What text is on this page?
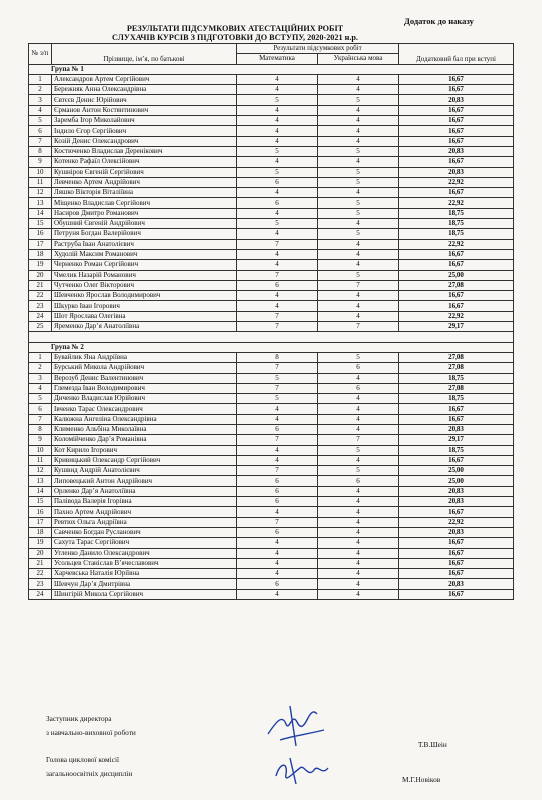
Додаток до наказу
РЕЗУЛЬТАТИ ПІДСУМКОВИХ АТЕСТАЦІЙНИХ РОБІТ
СЛУХАЧІВ КУРСІВ З ПІДГОТОВКИ ДО ВСТУПУ, 2020-2021 н.р.
№ з/п	Прізвище, ім’я, по батькові	Результати підсумкових робіт		Додатковий бал при вступі
		Математика	Українська мова	
Група № 1				
1	Александров Артем Сергійович	4	4	16,67
2	Бережняк Анна Олександрівна	4	4	16,67
3	Євтєєв Денис Юрійович	5	5	20,83
4	Єрманов Антон Костянтинович	4	4	16,67
5	Заремба Ігор Миколайович	4	4	16,67
6	Індило Єгор Сергійович	4	4	16,67
7	Козій Денис Олександрович	4	4	16,67
8	Костюченко Владислав Деренікович	5	5	20,83
9	Котенко Рафаїл Олексійович	4	4	16,67
10	Кушніров Євгеній Сергійович	5	5	20,83
11	Левченко Артем Андрійович	6	5	22,92
12	Ляшко Вікторія Віталіївна	4	4	16,67
13	Міщенко Владислав Сергійович	6	5	22,92
14	Насиров Дмитро Романович	4	5	18,75
15	Обушний Євгеній Андрійович	5	4	18,75
16	Петруня Богдан Валерійович	4	5	18,75
17	Растрyба Іван Анатолієвич	7	4	22,92
18	Худолій Максим Романович	4	4	16,67
19	Черненко Роман Сергійович	4	4	16,67
20	Чмелик Назарій Романович	7	5	25,00
21	Чутченко Олег Вікторович	6	7	27,08
22	Шевченко Ярослав Володимирович	4	4	16,67
23	Шкурко Іван Ігорович	4	4	16,67
24	Шот Ярослава Олегівна	7	4	22,92
25	Яременко Дар’я Анатоліївна	7	7	29,17

Група № 2				
1	Бувайлик Яна Андріївна	8	5	27,08
2	Бурський Микола Андрійович	7	6	27,08
3	Верозуб Денис Валентинович	5	4	18,75
4	Глемезда Іван Володимирович	7	6	27,08
5	Диченко Владислав Юрійович	5	4	18,75
6	Івченко Тарас Олександрович	4	4	16,67
7	Калюжна Ангеліна Олександрівна	4	4	16,67
8	Клименко Альбіна Миколаївна	6	4	20,83
9	Коломійченко Дар’я Романівна	7	7	29,17
10	Кот Кирило Ігорович	4	5	18,75
11	Кривицький Олександр Сергійович	4	4	16,67
12	Кушвид Андрій Анатолієвич	7	5	25,00
13	Липовецький Антон Андрійович	6	6	25,00
14	Орленко Дар’я Анатоліївна	6	4	20,83
15	Палівода Валерія Ігорівна	6	4	20,83
16	Пахно Артем Андрійович	4	4	16,67
17	Ревтюх Ольга Андріївна	7	4	22,92
18	Савченко Богдан Русланович	6	4	20,83
19	Сахута Тарас Сергійович	4	4	16,67
20	Угленко Данило Олександрович	4	4	16,67
21	Усольцев Станіслав В’ячеславович	4	4	16,67
22	Харчевська Наталія Юріївна	4	4	16,67
23	Шевчун Дар’я Дмитрівна	6	4	20,83
24	Шингірій Микола Сергійович	4	4	16,67
Заступник директора
з навчально-виховної роботи
Т.В.Шеін
Голова циклової комісії
загальноосвітніх дисциплін
М.Г.Новіков
